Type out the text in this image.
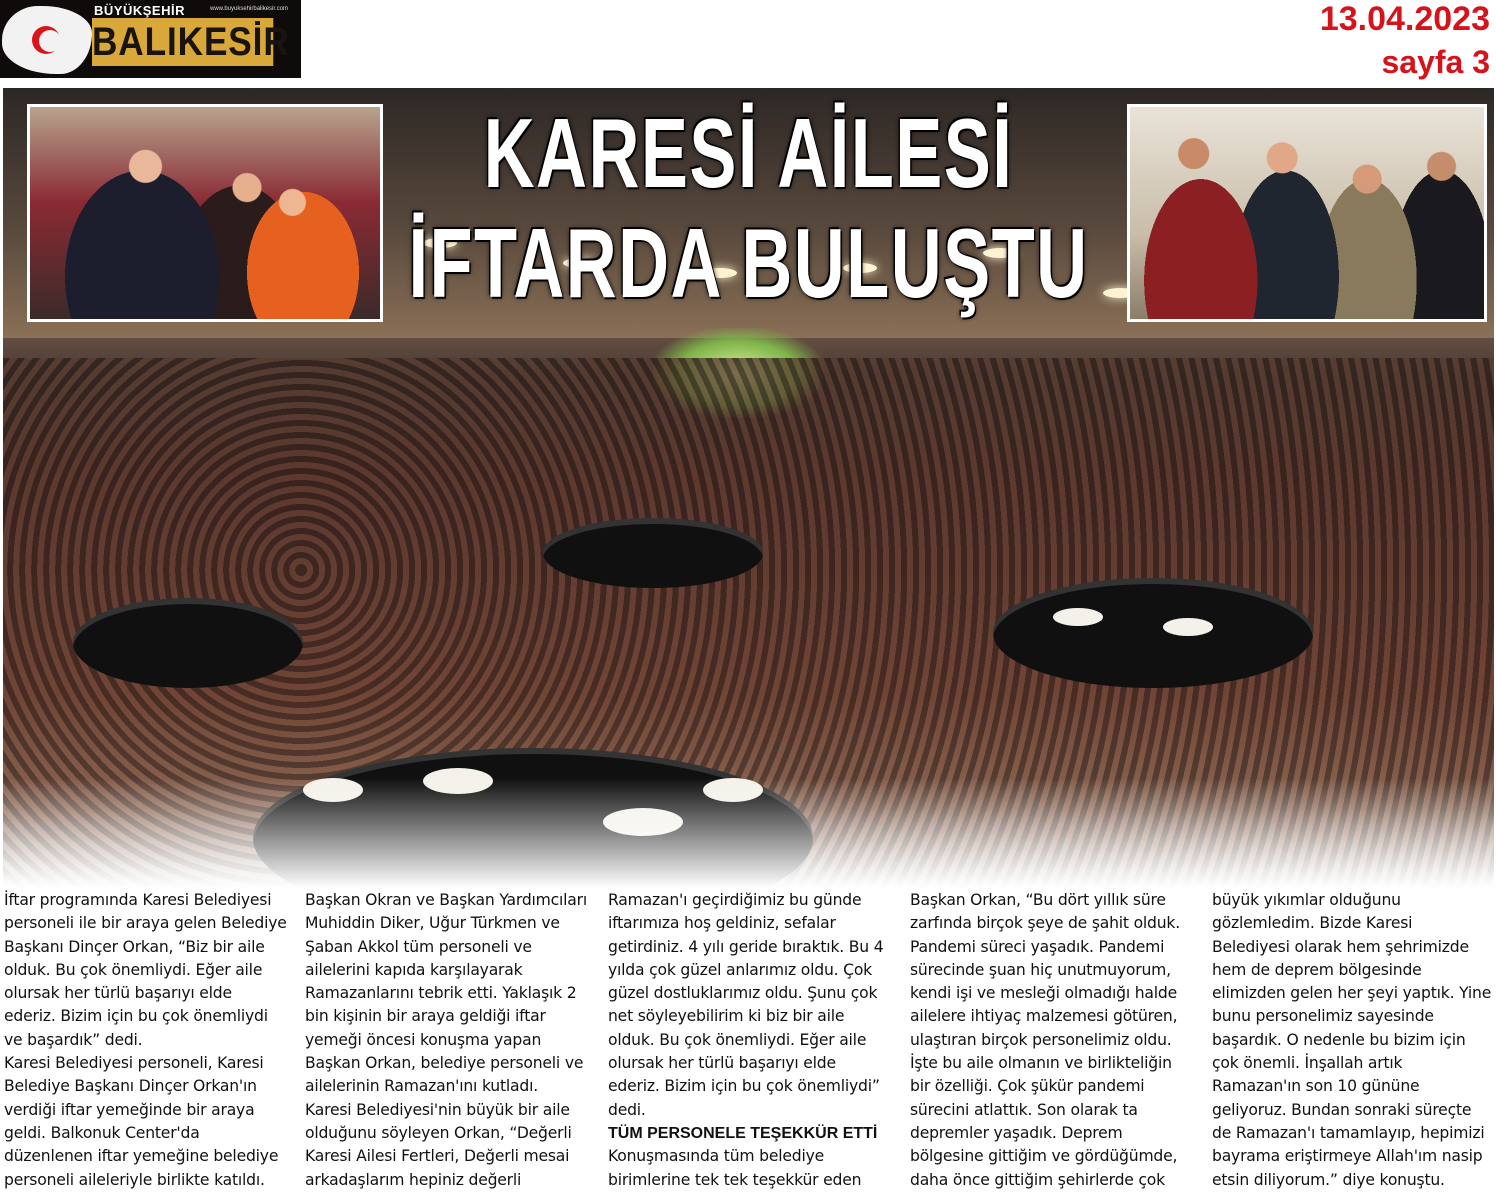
BÜYÜKŞEHİR	www.buyuksehirbalikesir.com
BALIKESİR
13.04.2023
sayfa 3
KARESİ AİLESİ
İFTARDA BULUŞTU

İftar programında Karesi Belediyesi

personeli ile bir araya gelen Belediye

Başkanı Dinçer Orkan, “Biz bir aile

olduk. Bu çok önemliydi. Eğer aile

olursak her türlü başarıyı elde

ederiz. Bizim için bu çok önemliydi

ve başardık” dedi.

Karesi Belediyesi personeli, Karesi

Belediye Başkanı Dinçer Orkan'ın

verdiği iftar yemeğinde bir araya

geldi. Balkonuk Center'da

düzenlenen iftar yemeğine belediye

personeli aileleriyle birlikte katıldı.

Başkan Okran ve Başkan Yardımcıları

Muhiddin Diker, Uğur Türkmen ve

Şaban Akkol tüm personeli ve

ailelerini kapıda karşılayarak

Ramazanlarını tebrik etti. Yaklaşık 2

bin kişinin bir araya geldiği iftar

yemeği öncesi konuşma yapan

Başkan Orkan, belediye personeli ve

ailelerinin Ramazan'ını kutladı.

Karesi Belediyesi'nin büyük bir aile

olduğunu söyleyen Orkan, “Değerli

Karesi Ailesi Fertleri, Değerli mesai

arkadaşlarım hepiniz değerli

Ramazan'ı geçirdiğimiz bu günde

iftarımıza hoş geldiniz, sefalar

getirdiniz. 4 yılı geride bıraktık. Bu 4

yılda çok güzel anlarımız oldu. Çok

güzel dostluklarımız oldu. Şunu çok

net söyleyebilirim ki biz bir aile

olduk. Bu çok önemliydi. Eğer aile

olursak her türlü başarıyı elde

ederiz. Bizim için bu çok önemliydi”

dedi.

TÜM PERSONELE TEŞEKKÜR ETTİ

Konuşmasında tüm belediye

birimlerine tek tek teşekkür eden

Başkan Orkan, “Bu dört yıllık süre

zarfında birçok şeye de şahit olduk.

Pandemi süreci yaşadık. Pandemi

sürecinde şuan hiç unutmuyorum,

kendi işi ve mesleği olmadığı halde

ailelere ihtiyaç malzemesi götüren,

ulaştıran birçok personelimiz oldu.

İşte bu aile olmanın ve birlikteliğin

bir özelliği. Çok şükür pandemi

sürecini atlattık. Son olarak ta

depremler yaşadık. Deprem

bölgesine gittiğim ve gördüğümde,

daha önce gittiğim şehirlerde çok

büyük yıkımlar olduğunu

gözlemledim. Bizde Karesi

Belediyesi olarak hem şehrimizde

hem de deprem bölgesinde

elimizden gelen her şeyi yaptık. Yine

bunu personelimiz sayesinde

başardık. O nedenle bu bizim için

çok önemli. İnşallah artık

Ramazan'ın son 10 gününe

geliyoruz. Bundan sonraki süreçte

de Ramazan'ı tamamlayıp, hepimizi

bayrama eriştirmeye Allah'ım nasip

etsin diliyorum.” diye konuştu.
